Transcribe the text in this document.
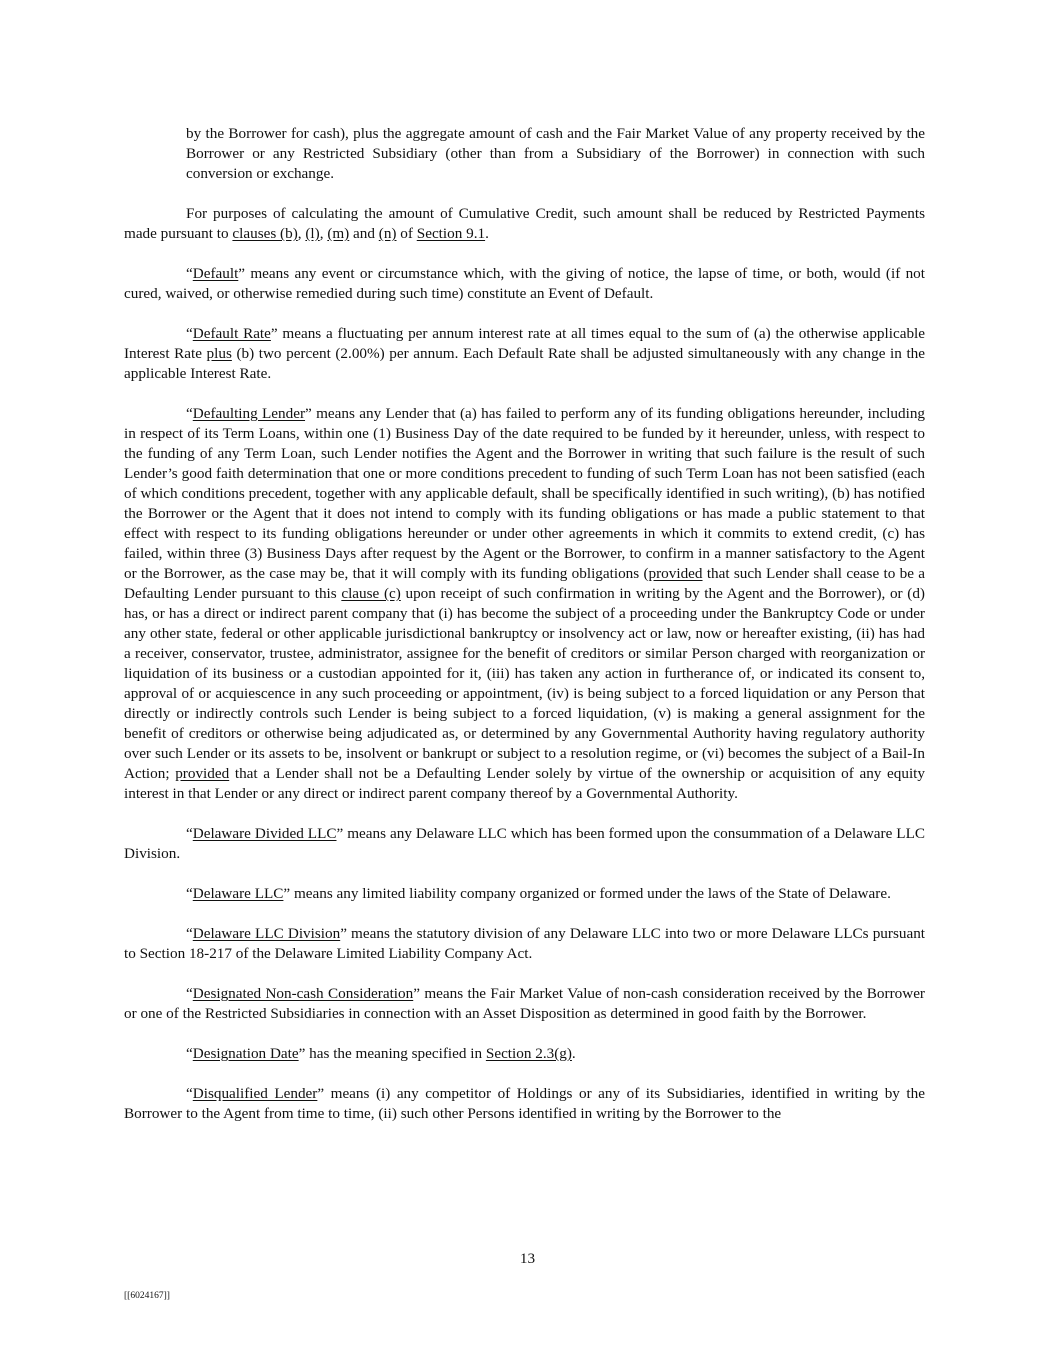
by the Borrower for cash), plus the aggregate amount of cash and the Fair Market Value of any property received by the Borrower or any Restricted Subsidiary (other than from a Subsidiary of the Borrower) in connection with such conversion or exchange.

For purposes of calculating the amount of Cumulative Credit, such amount shall be reduced by Restricted Payments made pursuant to clauses (b), (l), (m) and (n) of Section 9.1.

“Default” means any event or circumstance which, with the giving of notice, the lapse of time, or both, would (if not cured, waived, or otherwise remedied during such time) constitute an Event of Default.

“Default Rate” means a fluctuating per annum interest rate at all times equal to the sum of (a) the otherwise applicable Interest Rate plus (b) two percent (2.00%) per annum. Each Default Rate shall be adjusted simultaneously with any change in the applicable Interest Rate.

“Defaulting Lender” means any Lender that (a) has failed to perform any of its funding obligations hereunder, including in respect of its Term Loans, within one (1) Business Day of the date required to be funded by it hereunder, unless, with respect to the funding of any Term Loan, such Lender notifies the Agent and the Borrower in writing that such failure is the result of such Lender’s good faith determination that one or more conditions precedent to funding of such Term Loan has not been satisfied (each of which conditions precedent, together with any applicable default, shall be specifically identified in such writing), (b) has notified the Borrower or the Agent that it does not intend to comply with its funding obligations or has made a public statement to that effect with respect to its funding obligations hereunder or under other agreements in which it commits to extend credit, (c) has failed, within three (3) Business Days after request by the Agent or the Borrower, to confirm in a manner satisfactory to the Agent or the Borrower, as the case may be, that it will comply with its funding obligations (provided that such Lender shall cease to be a Defaulting Lender pursuant to this clause (c) upon receipt of such confirmation in writing by the Agent and the Borrower), or (d) has, or has a direct or indirect parent company that (i) has become the subject of a proceeding under the Bankruptcy Code or under any other state, federal or other applicable jurisdictional bankruptcy or insolvency act or law, now or hereafter existing, (ii) has had a receiver, conservator, trustee, administrator, assignee for the benefit of creditors or similar Person charged with reorganization or liquidation of its business or a custodian appointed for it, (iii) has taken any action in furtherance of, or indicated its consent to, approval of or acquiescence in any such proceeding or appointment, (iv) is being subject to a forced liquidation or any Person that directly or indirectly controls such Lender is being subject to a forced liquidation, (v) is making a general assignment for the benefit of creditors or otherwise being adjudicated as, or determined by any Governmental Authority having regulatory authority over such Lender or its assets to be, insolvent or bankrupt or subject to a resolution regime, or (vi) becomes the subject of a Bail-In Action; provided that a Lender shall not be a Defaulting Lender solely by virtue of the ownership or acquisition of any equity interest in that Lender or any direct or indirect parent company thereof by a Governmental Authority.

“Delaware Divided LLC” means any Delaware LLC which has been formed upon the consummation of a Delaware LLC Division.

“Delaware LLC” means any limited liability company organized or formed under the laws of the State of Delaware.

“Delaware LLC Division” means the statutory division of any Delaware LLC into two or more Delaware LLCs pursuant to Section 18-217 of the Delaware Limited Liability Company Act.

“Designated Non-cash Consideration” means the Fair Market Value of non-cash consideration received by the Borrower or one of the Restricted Subsidiaries in connection with an Asset Disposition as determined in good faith by the Borrower.

“Designation Date” has the meaning specified in Section 2.3(g).

“Disqualified Lender” means (i) any competitor of Holdings or any of its Subsidiaries, identified in writing by the Borrower to the Agent from time to time, (ii) such other Persons identified in writing by the Borrower to the

13
[[6024167]]
